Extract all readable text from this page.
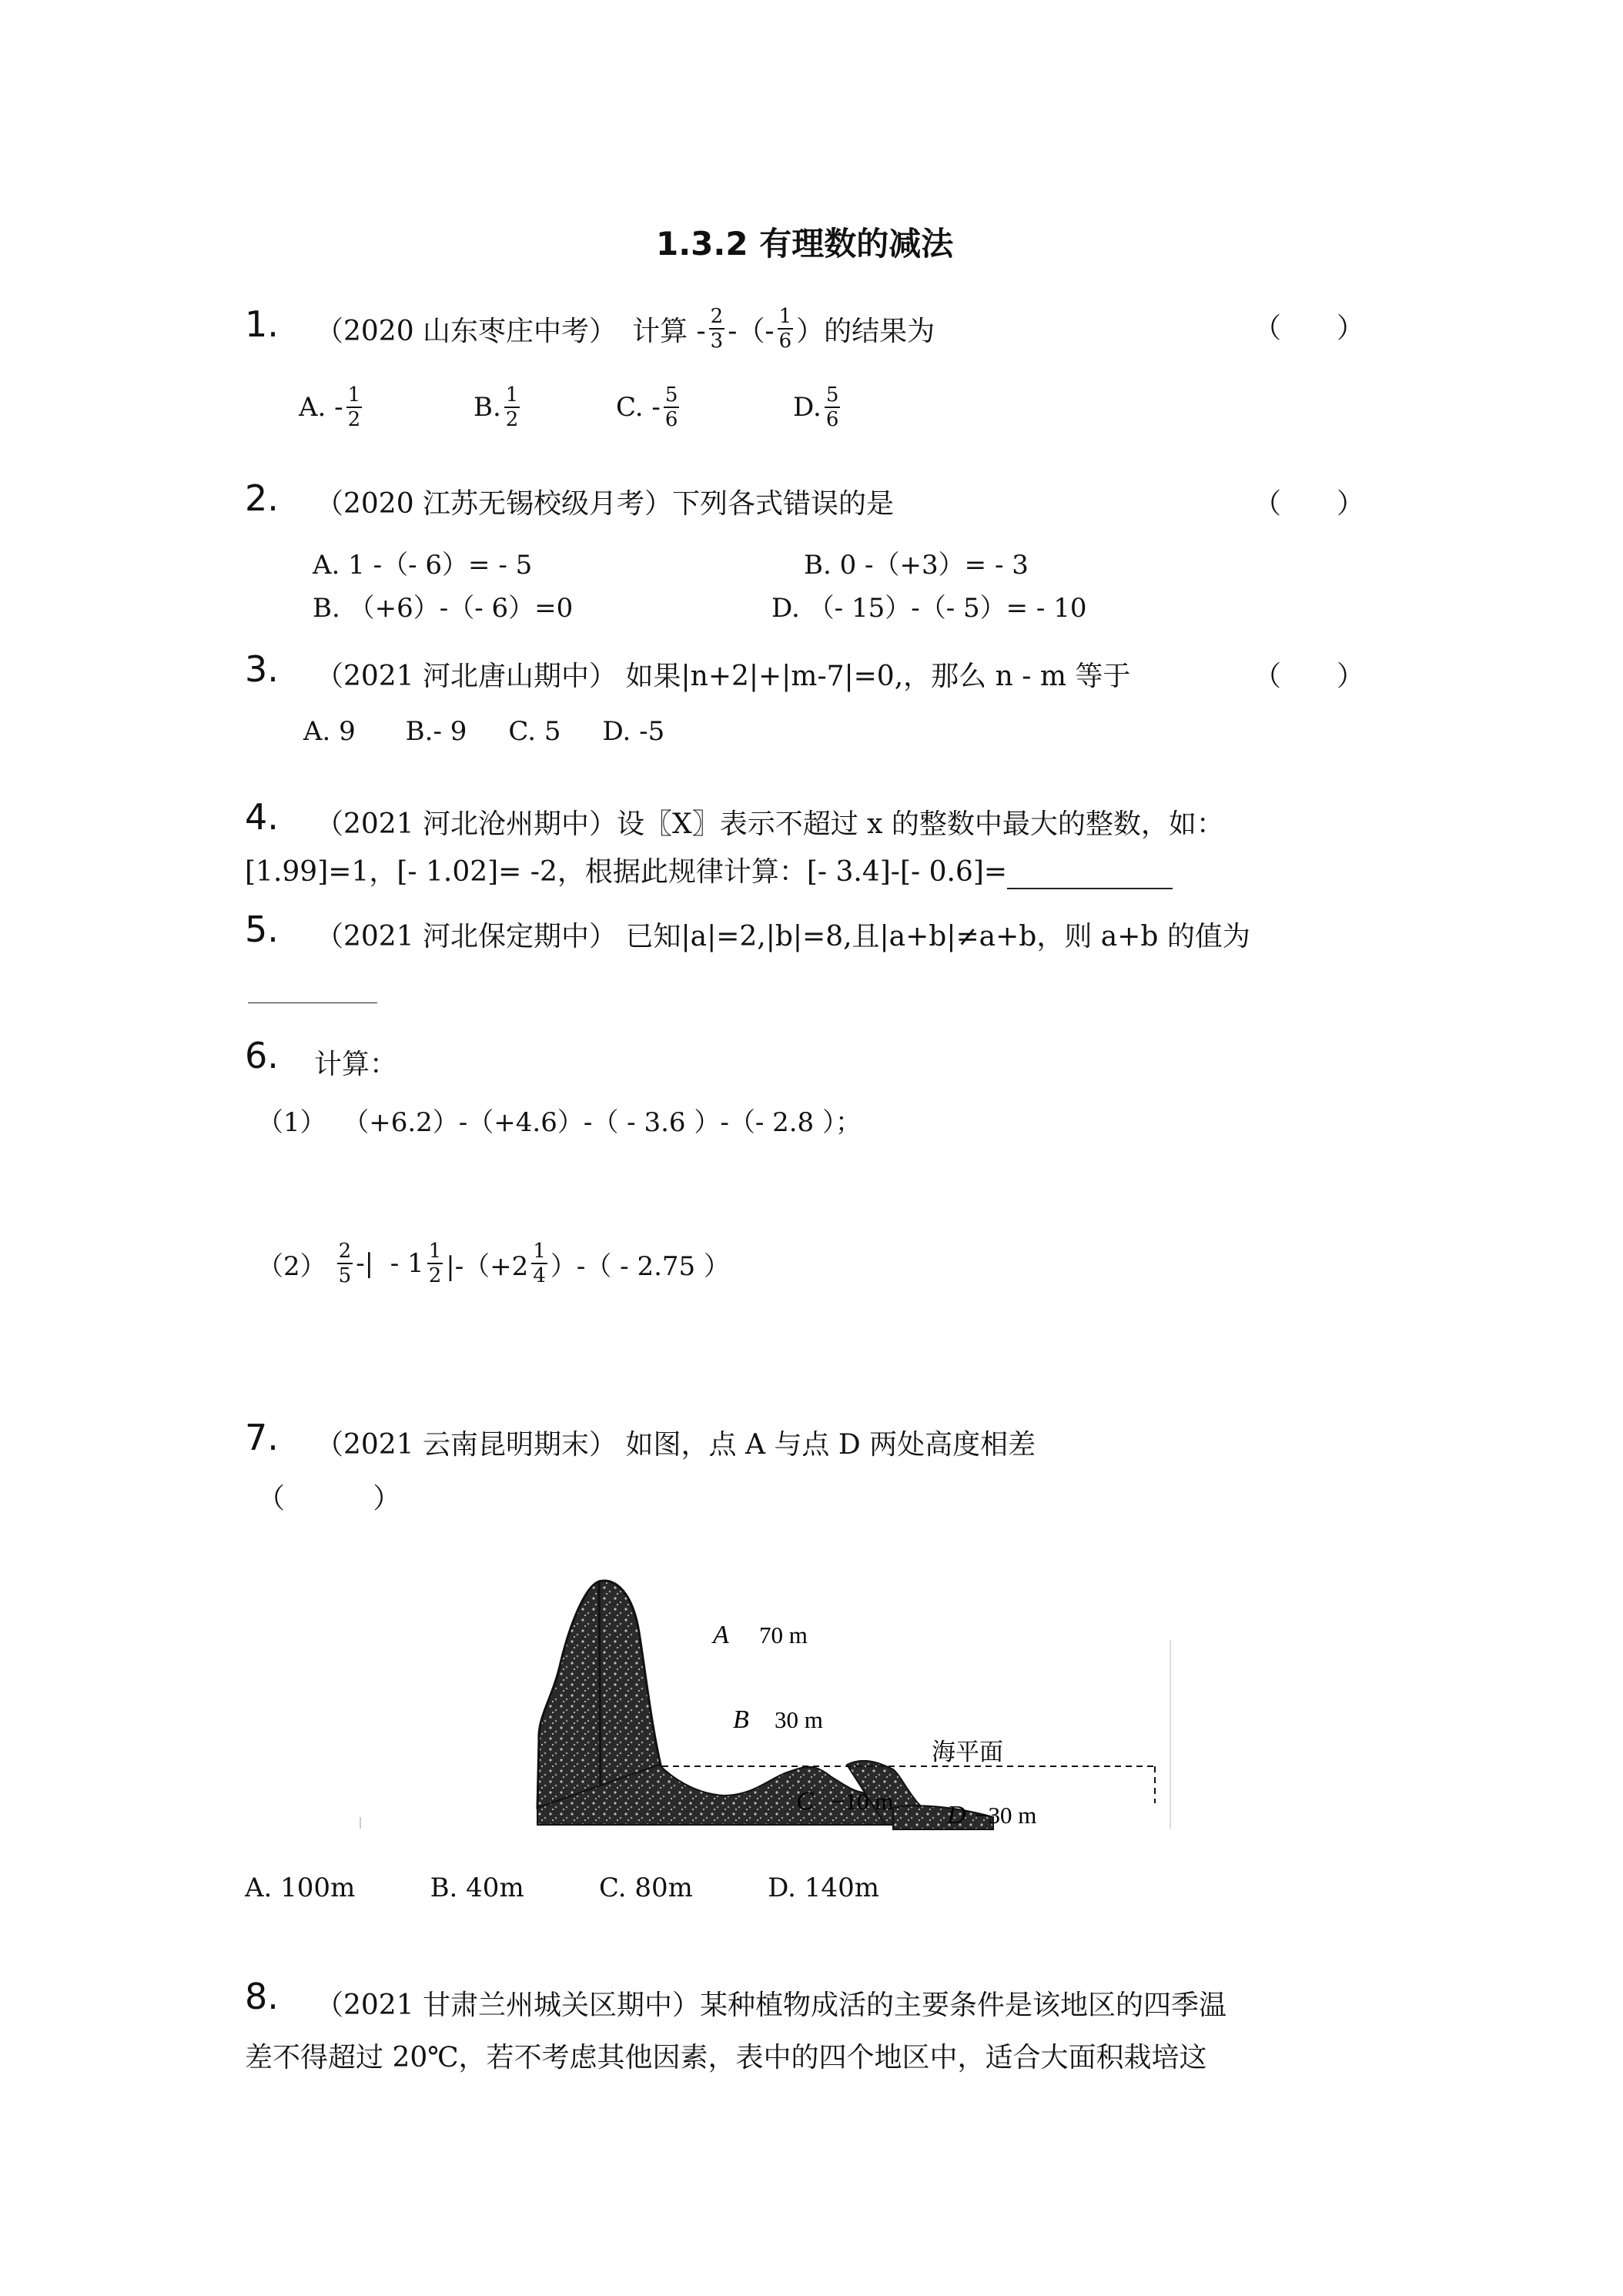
1.3.2 有理数的减法
1. （2020 山东枣庄中考） 计算 - $\frac{2}{3}$ -（- $\frac{1}{6}$ ）的结果为	（　　）
A. - $\frac{1}{2}$	B. $\frac{1}{2}$	C. - $\frac{5}{6}$	D. $\frac{5}{6}$
2. （2020 江苏无锡校级月考）下列各式错误的是	（　　）
A. 1 -（- 6）= - 5	B. 0 -（+3）= - 3
B. （+6）-（- 6）=0	D. （- 15）-（- 5）= - 10
3. （2021 河北唐山期中） 如果|n+2|+|m-7|=0,，那么 n - m 等于	（　　）
A. 9      B.- 9     C. 5     D. -5
4. （2021 河北沧州期中）设〖X〗表示不超过 x 的整数中最大的整数，如：
[1.99]=1，[- 1.02]= -2，根据此规律计算：[- 3.4]-[- 0.6]=
5. （2021 河北保定期中） 已知|a|=2,|b|=8,且|a+b|≠a+b，则 a+b 的值为
6. 计算：
（1）  （+6.2）-（+4.6）-（ - 3.6 ）-（- 2.8 ）；
$(2) \frac{2}{5}$ -|  - $1 \frac{1}{2} |-(+2 \frac{1}{4}$ ）-（ - 2.75 ）
7. （2021 云南昆明期末） 如图，点 A 与点 D 两处高度相差
（          ）
A 70 m
B 30 m
海平面
C −10 m D −30 m
A. 100m         B. 40m         C. 80m         D. 140m
8. （2021 甘肃兰州城关区期中）某种植物成活的主要条件是该地区的四季温
差不得超过 20℃，若不考虑其他因素，表中的四个地区中，适合大面积栽培这
